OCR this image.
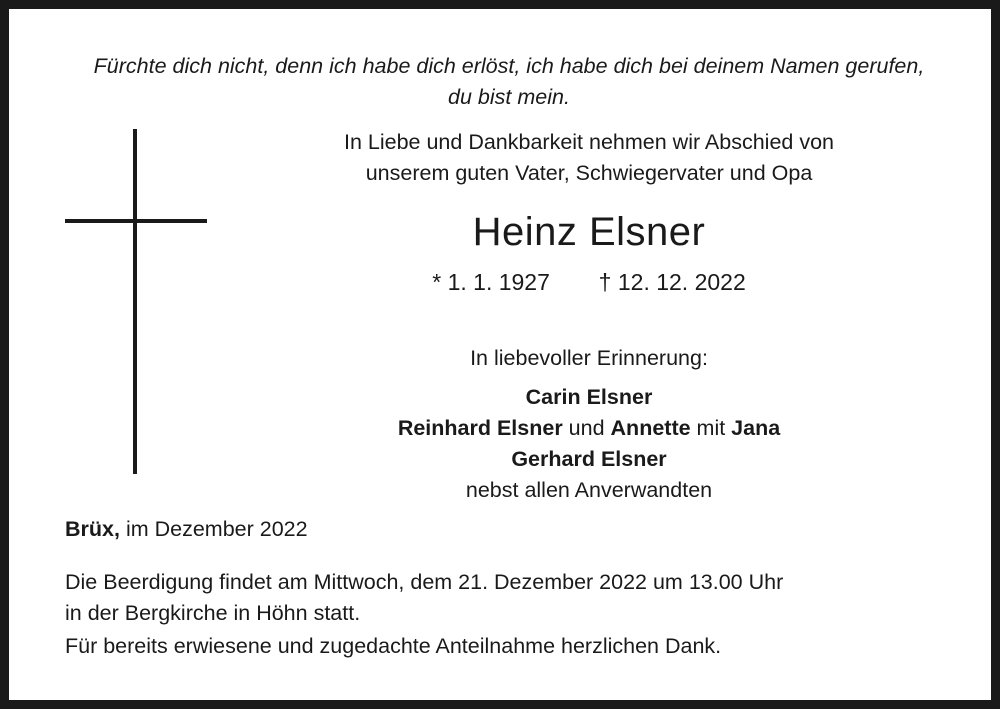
Fürchte dich nicht, denn ich habe dich erlöst, ich habe dich bei deinem Namen gerufen,
du bist mein.
In Liebe und Dankbarkeit nehmen wir Abschied von
unserem guten Vater, Schwiegervater und Opa
Heinz Elsner
* 1. 1. 1927 † 12. 12. 2022
In liebevoller Erinnerung:
Carin Elsner
Reinhard Elsner und Annette mit Jana
Gerhard Elsner
nebst allen Anverwandten
Brüx, im Dezember 2022
Die Beerdigung findet am Mittwoch, dem 21. Dezember 2022 um 13.00 Uhr
in der Bergkirche in Höhn statt.
Für bereits erwiesene und zugedachte Anteilnahme herzlichen Dank.
